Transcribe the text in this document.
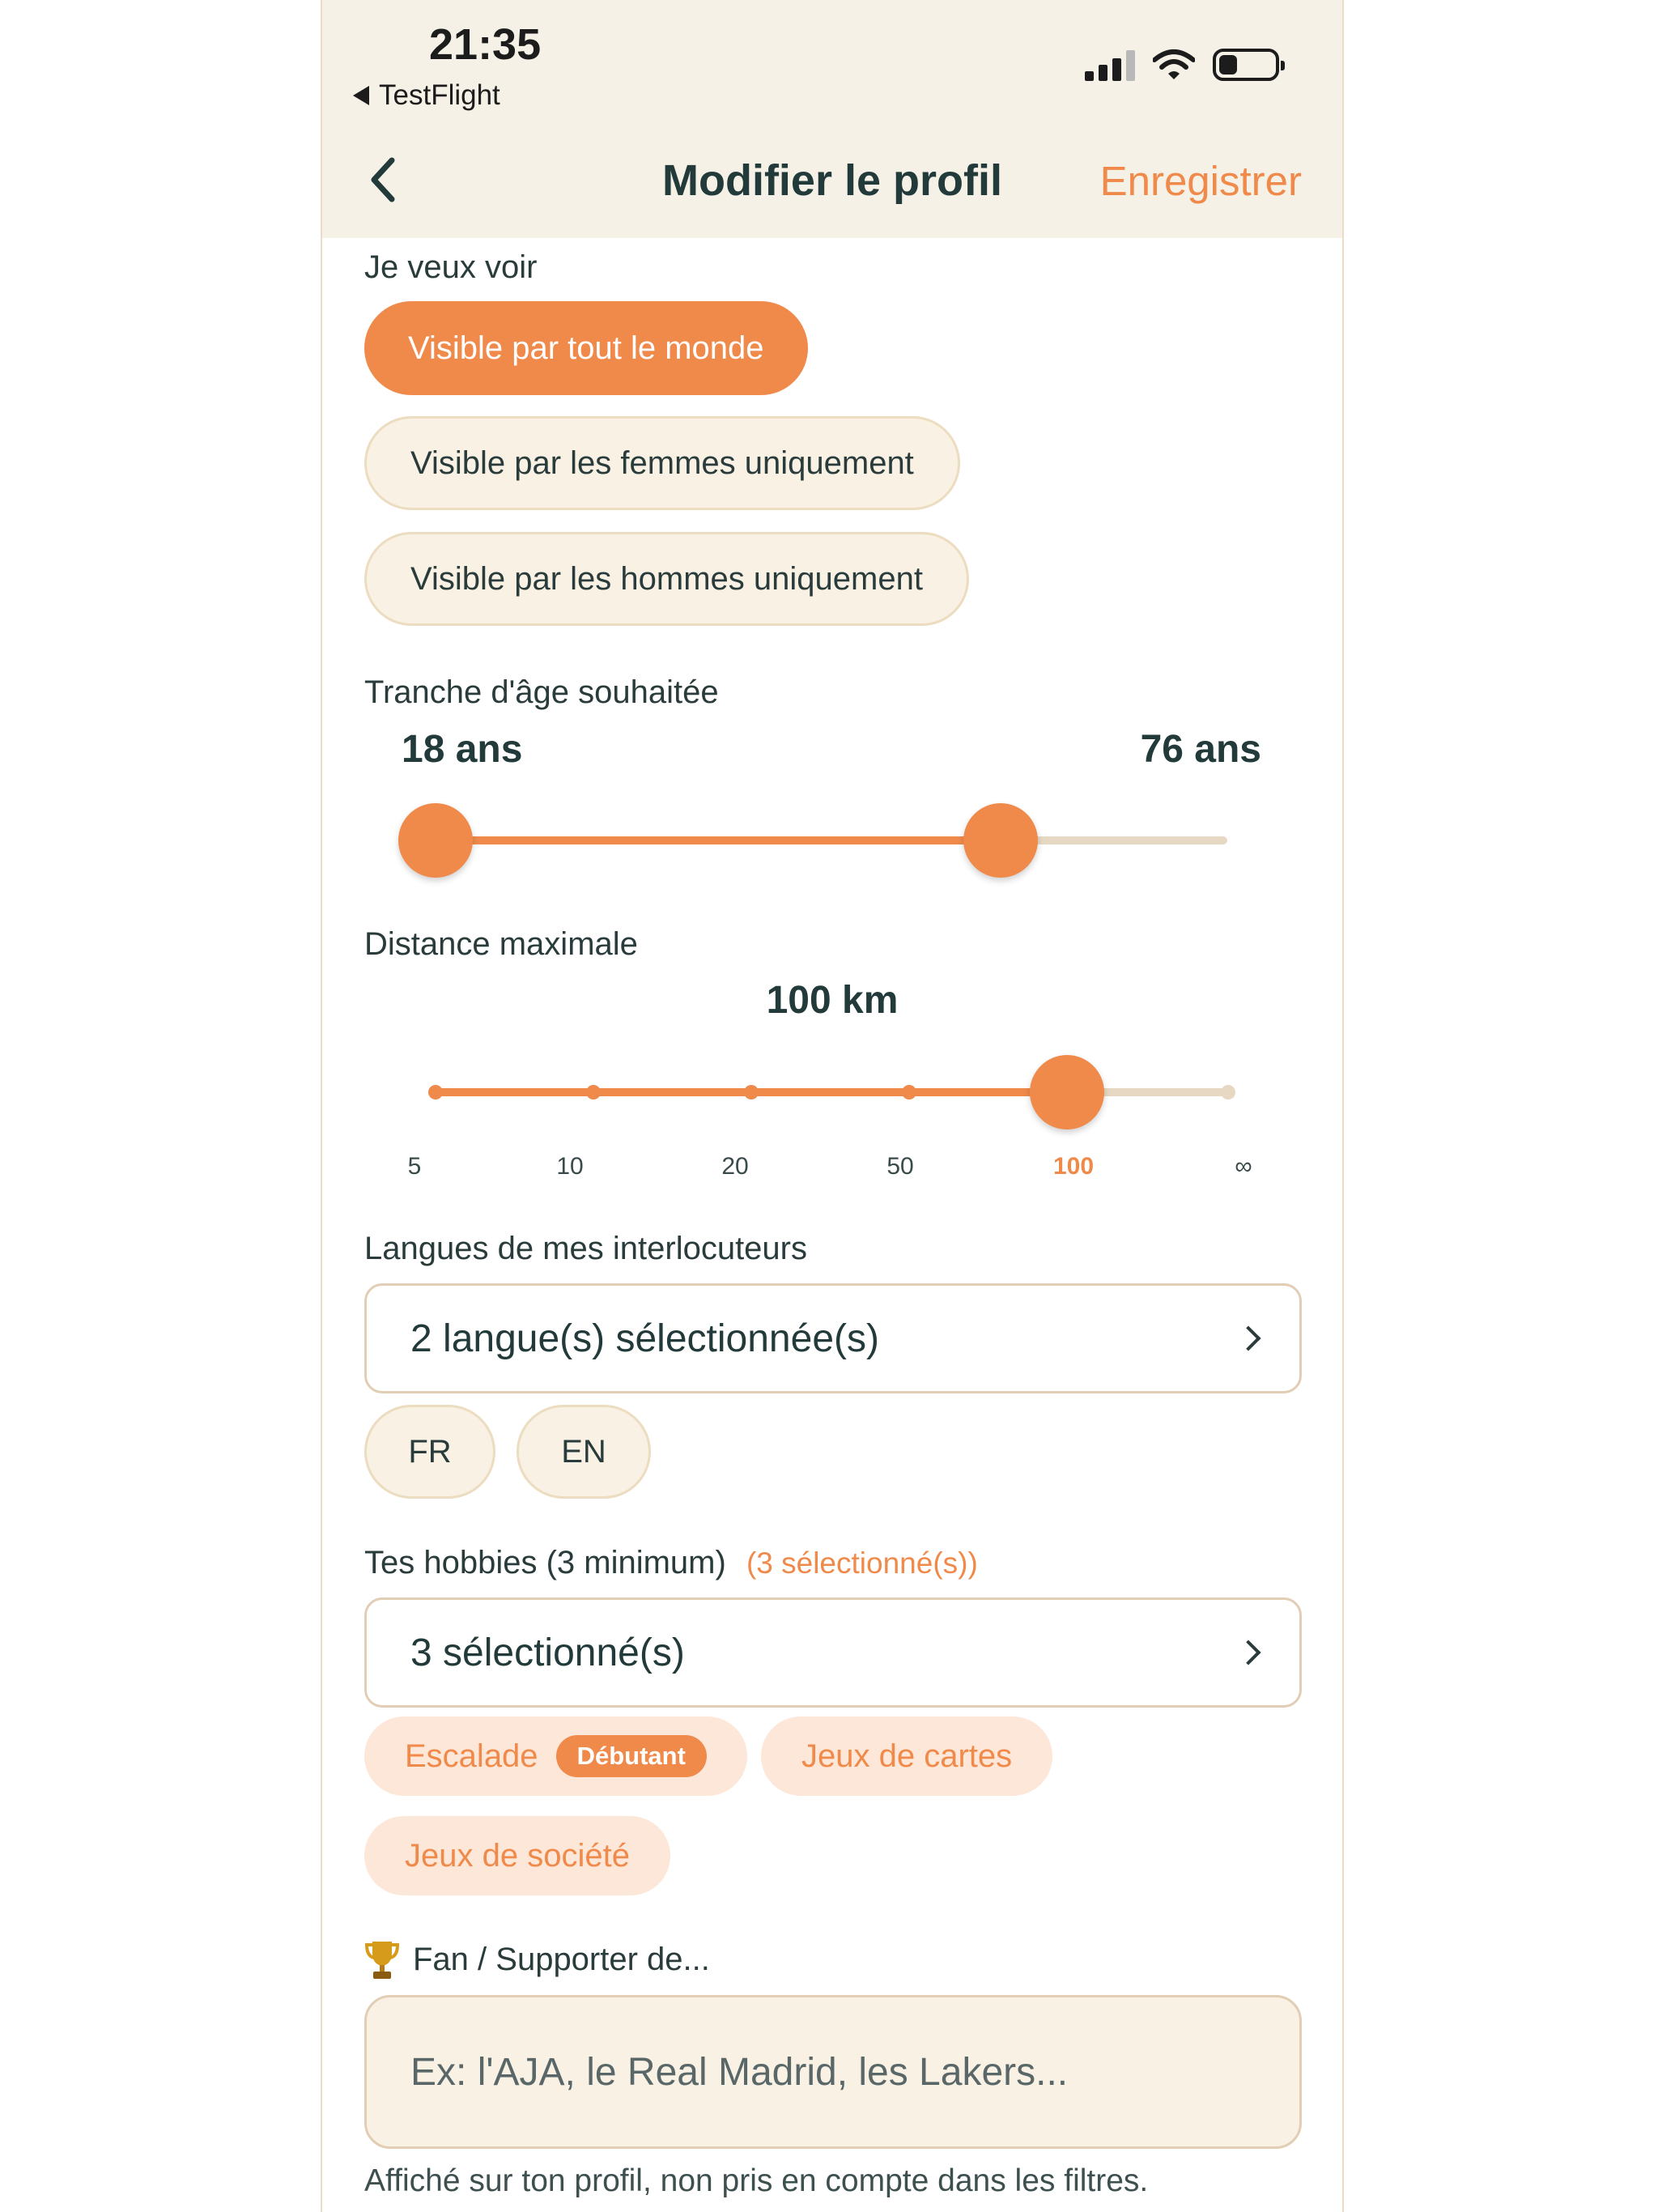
21:35
TestFlight
Modifier le profil	Enregistrer
Je veux voir
Visible par tout le monde
Visible par les femmes uniquement
Visible par les hommes uniquement
Tranche d'âge souhaitée
18 ans	76 ans
Distance maximale
100 km
5	10	20	50	100	∞
Langues de mes interlocuteurs
2 langue(s) sélectionnée(s)
FR	EN
Tes hobbies (3 minimum) (3 sélectionné(s))
3 sélectionné(s)
Escalade	Débutant	Jeux de cartes
Jeux de société
Fan / Supporter de...
Ex: l'AJA, le Real Madrid, les Lakers...
Affiché sur ton profil, non pris en compte dans les filtres.
